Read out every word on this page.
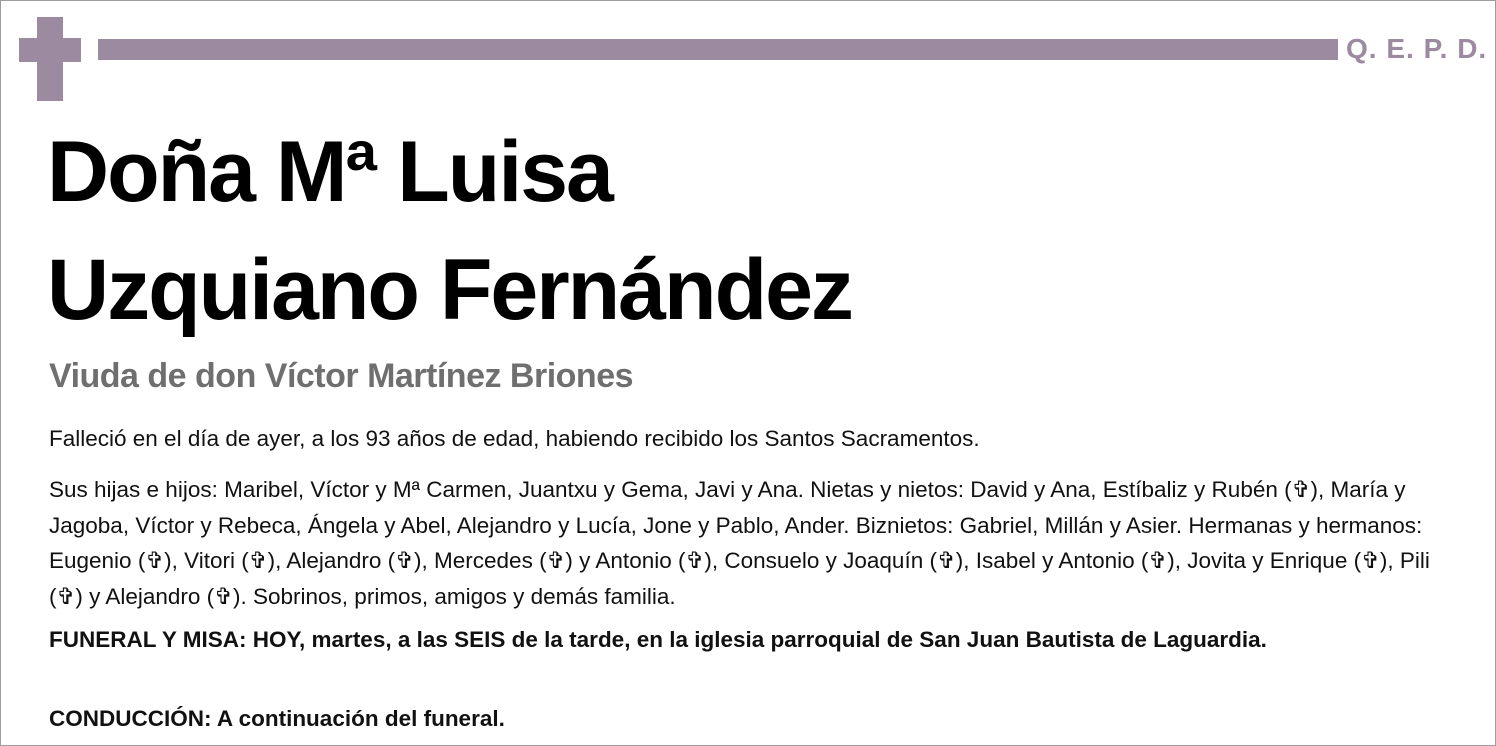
Q. E. P. D.
Doña Mª Luisa
Uzquiano Fernández
Viuda de don Víctor Martínez Briones
Falleció en el día de ayer, a los 93 años de edad, habiendo recibido los Santos Sacramentos.
Sus hijas e hijos: Maribel, Víctor y Mª Carmen, Juantxu y Gema, Javi y Ana. Nietas y nietos: David y Ana, Estíbaliz y Rubén (✞), María y Jagoba, Víctor y Rebeca, Ángela y Abel, Alejandro y Lucía, Jone y Pablo, Ander. Biznietos: Gabriel, Millán y Asier. Hermanas y hermanos: Eugenio (✞), Vitori (✞), Alejandro (✞), Mercedes (✞) y Antonio (✞), Consuelo y Joaquín (✞), Isabel y Antonio (✞), Jovita y Enrique (✞), Pili (✞) y Alejandro (✞). Sobrinos, primos, amigos y demás familia.
FUNERAL Y MISA: HOY, martes, a las SEIS de la tarde, en la iglesia parroquial de San Juan Bautista de Laguardia.
CONDUCCIÓN: A continuación del funeral.
